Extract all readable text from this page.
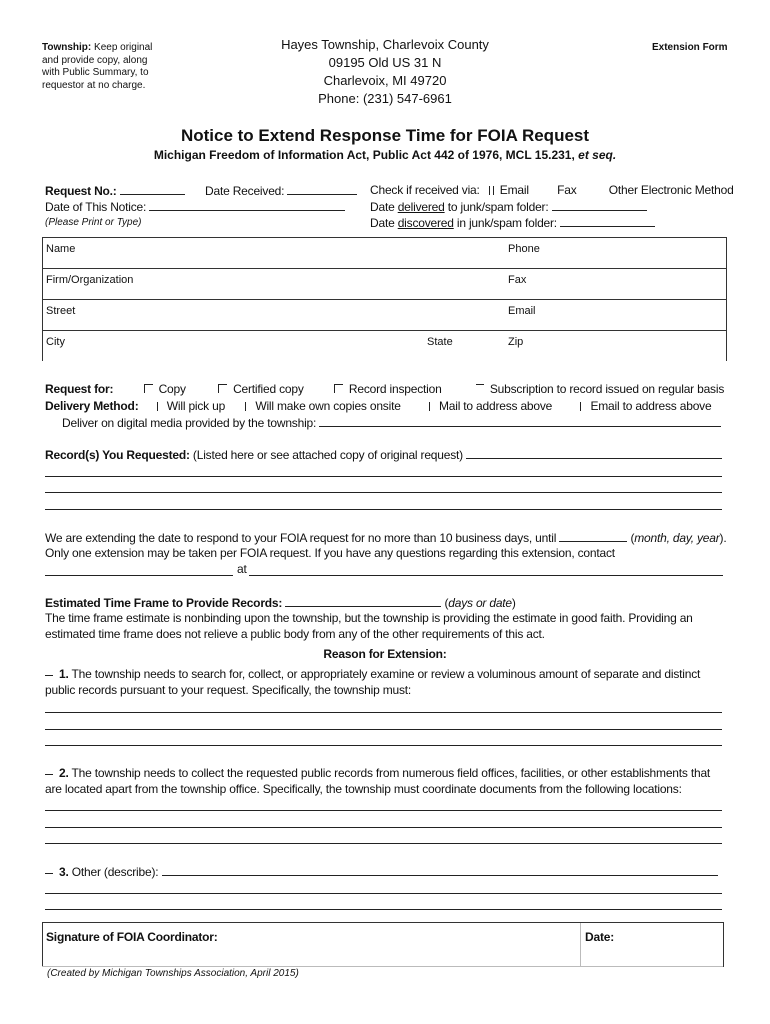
Township: Keep original and provide copy, along with Public Summary, to requestor at no charge.
Hayes Township, Charlevoix County
09195 Old US 31 N
Charlevoix, MI 49720
Phone: (231) 547-6961
Extension Form
Notice to Extend Response Time for FOIA Request
Michigan Freedom of Information Act, Public Act 442 of 1976, MCL 15.231, et seq.
Request No.:	Date Received:
Date of This Notice:
(Please Print or Type)
Check if received via: Email Fax	Other Electronic Method
Date delivered to junk/spam folder:
Date discovered in junk/spam folder:
Name	Phone
Firm/Organization	Fax
Street	Email
City	State	Zip
Request for:	Copy	Certified copy	Record inspection	Subscription to record issued on regular basis
Delivery Method: Will pick up	Will make own copies onsite	Mail to address above	Email to address above
Deliver on digital media provided by the township:
Record(s) You Requested: (Listed here or see attached copy of original request)
We are extending the date to respond to your FOIA request for no more than 10 business days, until	(month, day, year).
Only one extension may be taken per FOIA request. If you have any questions regarding this extension, contact
at
Estimated Time Frame to Provide Records:	(days or date)
The time frame estimate is nonbinding upon the township, but the township is providing the estimate in good faith. Providing an
estimated time frame does not relieve a public body from any of the other requirements of this act.
Reason for Extension:
1. The township needs to search for, collect, or appropriately examine or review a voluminous amount of separate and distinct
public records pursuant to your request. Specifically, the township must:
2. The township needs to collect the requested public records from numerous field offices, facilities, or other establishments that
are located apart from the township office. Specifically, the township must coordinate documents from the following locations:
3. Other (describe):
Signature of FOIA Coordinator:	Date:
(Created by Michigan Townships Association, April 2015)
